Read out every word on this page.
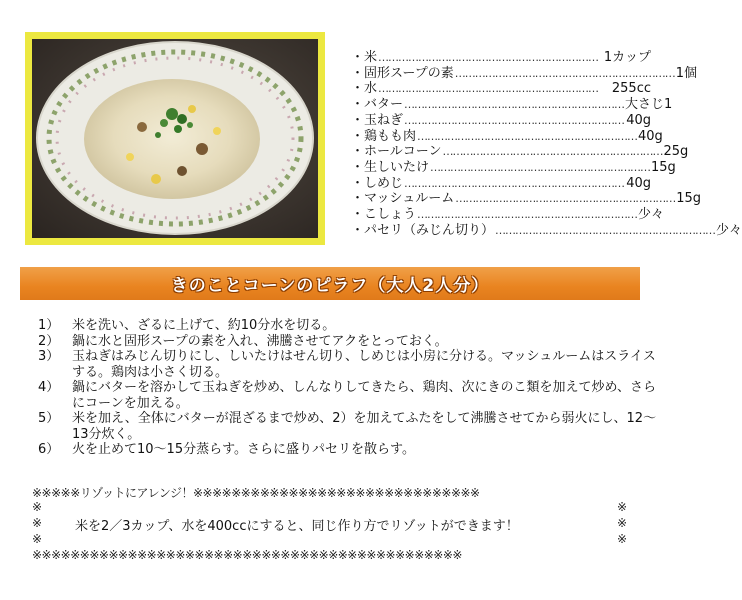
・米 ………………………………………………………… 1カップ
・固形スープの素 ………………………………………………………… 1個
・水 …………………………………………………………	255cc
・バター ………………………………………………………… 大さじ1
・玉ねぎ ………………………………………………………… 40g
・鶏もも肉 ………………………………………………………… 40g
・ホールコーン ………………………………………………………… 25g
・生しいたけ ………………………………………………………… 15g
・しめじ ………………………………………………………… 40g
・マッシュルーム ………………………………………………………… 15g
・こしょう ………………………………………………………… 少々
・パセリ（みじん切り） ………………………………………………………… 少々
きのことコーンのピラフ（大人2人分）
1） 米を洗い、ざるに上げて、約10分水を切る。
2） 鍋に水と固形スープの素を入れ、沸騰させてアクをとっておく。
3） 玉ねぎはみじん切りにし、しいたけはせん切り、しめじは小房に分ける。マッシュルームはスライスする。鶏肉は小さく切る。
4） 鍋にバターを溶かして玉ねぎを炒め、しんなりしてきたら、鶏肉、次にきのこ類を加えて炒め、さらにコーンを加える。
5） 米を加え、全体にバターが混ざるまで炒め、2）を加えてふたをして沸騰させてから弱火にし、12～13分炊く。
6） 火を止めて10～15分蒸らす。さらに盛りパセリを散らす。
※※※※※リゾットにアレンジ！※※※※※※※※※※※※※※※※※※※※※※※※※※※※※※
※	※
※	※
※	※
米を2／3カップ、水を400ccにすると、同じ作り方でリゾットができます！
※※※※※※※※※※※※※※※※※※※※※※※※※※※※※※※※※※※※※※※※※※※※※
